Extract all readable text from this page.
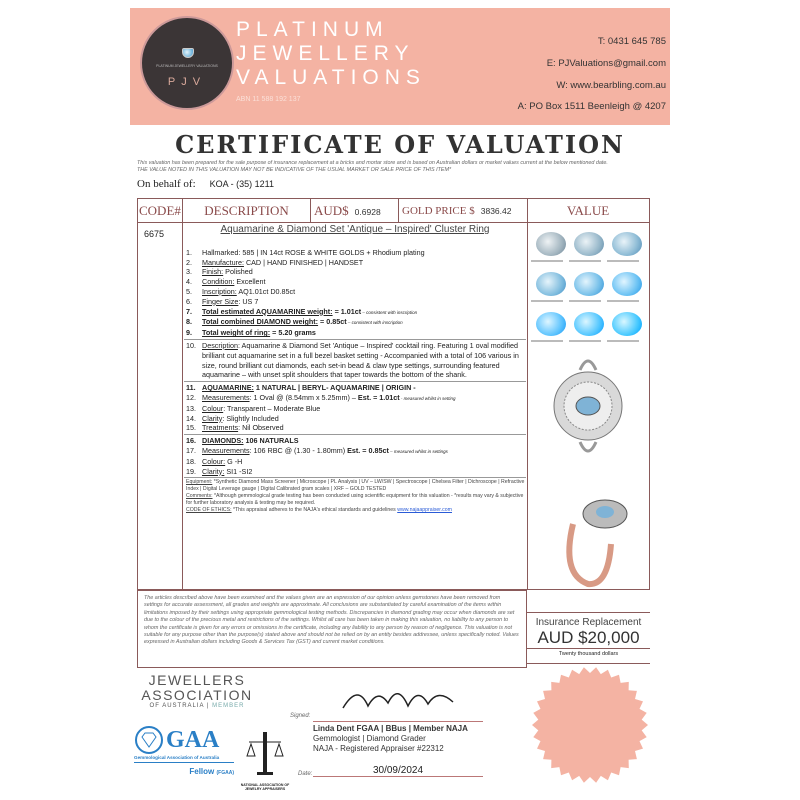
PLATINUM JEWELLERY VALUATIONS
PJV
PLATINUM
JEWELLERY
VALUATIONS
ABN 11 588 192 137
T: 0431 645 785
E: PJValuations@gmail.com
W: www.bearbling.com.au
A: PO Box 1511 Beenleigh @ 4207
CERTIFICATE OF VALUATION
This valuation has been prepared for the sale purpose of insurance replacement at a bricks and mortar store and is based on Australian dollars or market values current at the below mentioned date.
THE VALUE NOTED IN THIS VALUATION MAY NOT BE INDICATIVE OF THE USUAL MARKET OR SALE PRICE OF THIS ITEM*
On behalf of: KOA - (35) 1211
CODE#	DESCRIPTION	AUD$ 0.6928	GOLD PRICE $ 3836.42	VALUE
6675	Aquamarine & Diamond Set 'Antique – Inspired' Cluster Ring
1.	Hallmarked: 585 | IN 14ct ROSE & WHITE GOLDS + Rhodium plating
2.	Manufacture: CAD | HAND FINISHED | HANDSET
3.	Finish: Polished
4.	Condition: Excellent
5.	Inscription: AQ1.01ct D0.85ct
6.	Finger Size: US 7
7.	Total estimated AQUAMARINE weight: = 1.01ct – consistent with inscription
8.	Total combined DIAMOND weight: = 0.85ct – consistent with inscription
9.	Total weight of ring: = 5.20 grams
10. Description: Aquamarine & Diamond Set 'Antique – Inspired' cocktail ring. Featuring 1 oval modified brilliant cut aquamarine set in a full bezel basket setting - Accompanied with a total of 106 various in size, round brilliant cut diamonds, each set-in bead & claw type settings, surrounding featured aquamarine – with unset split shoulders that taper towards the bottom of the shank.
11. AQUAMARINE: 1 NATURAL | BERYL- AQUAMARINE | ORIGIN -
12. Measurements: 1 Oval @ (8.54mm x 5.25mm) – Est. = 1.01ct - measured whilst in setting
13. Colour: Transparent – Moderate Blue
14. Clarity: Slightly Included
15. Treatments: Nil Observed
16. DIAMONDS: 106 NATURALS
17. Measurements: 106 RBC @ (1.30 - 1.80mm) Est. = 0.85ct – measured whilst in settings
18. Colour: G -H
19. Clarity: SI1 -SI2
Equipment: *Synthetic Diamond Mass Screener | Microscope | PL Analysis | UV – LW/SW | Spectroscope | Chelsea Filter | Dichroscope | Refractive Index | Digital Leverage gauge | Digital Calibrated gram scales | XRF – GOLD TESTED
Comments: *Although gemmological grade testing has been conducted using scientific equipment for this valuation - *results may vary & subjective for further laboratory analysis & testing may be required.
CODE OF ETHICS: *This appraisal adheres to the NAJA's ethical standards and guidelines www.najaappraiser.com
The articles described above have been examined and the values given are an expression of our opinion unless gemstones have been removed from settings for accurate assessment, all grades and weights are approximate. All conclusions are substantiated by careful examination of the items within limitations imposed by their settings using appropriate gemmological testing methods. Discrepancies in diamond grading may occur when diamonds are set due to the colour of the precious metal and restrictions of the settings. Whilst all care has been taken in making this valuation, no liability to any person to whom the certificate is given for any errors or omissions in the certificate, including any liability to any person by reason of negligence. This valuation is not suitable for any purpose other than the purpose(s) stated above and should not be relied on by an entity besides addressee, unless specifically noted. Values expressed in Australian dollars including Goods & Services Tax (GST) and current market conditions.
Insurance Replacement
AUD $20,000
Twenty thousand dollars
JEWELLERS
ASSOCIATION
OF AUSTRALIA | MEMBER
GAA
Gemmological Association of Australia
Fellow (FGAA)
NATIONAL ASSOCIATION OF JEWELRY APPRAISERS
Signed:
Linda Dent FGAA | BBus | Member NAJA
Gemmologist | Diamond Grader
NAJA - Registered Appraiser #22312
Date:	30/09/2024
